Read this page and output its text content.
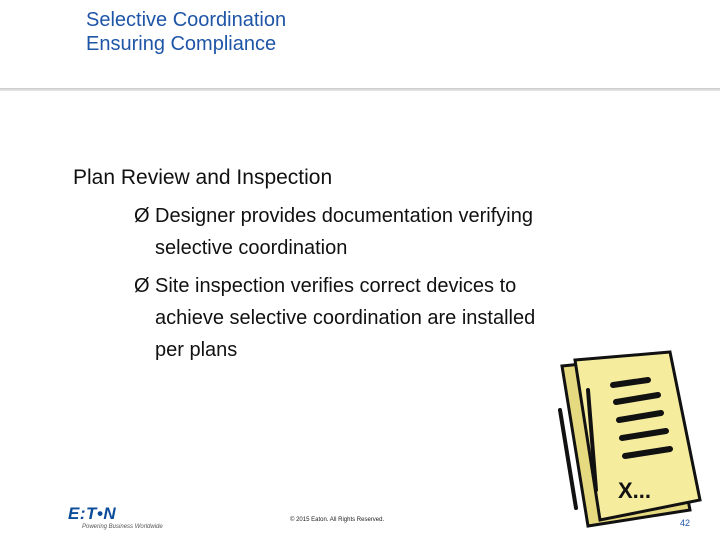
Selective Coordination
Ensuring Compliance
Plan Review and Inspection
Ø Designer provides documentation verifying
selective coordination
Ø Site inspection verifies correct devices to
achieve selective coordination are installed
per plans
X...
E:T•N
Powering Business Worldwide
© 2015 Eaton. All Rights Reserved.	42
